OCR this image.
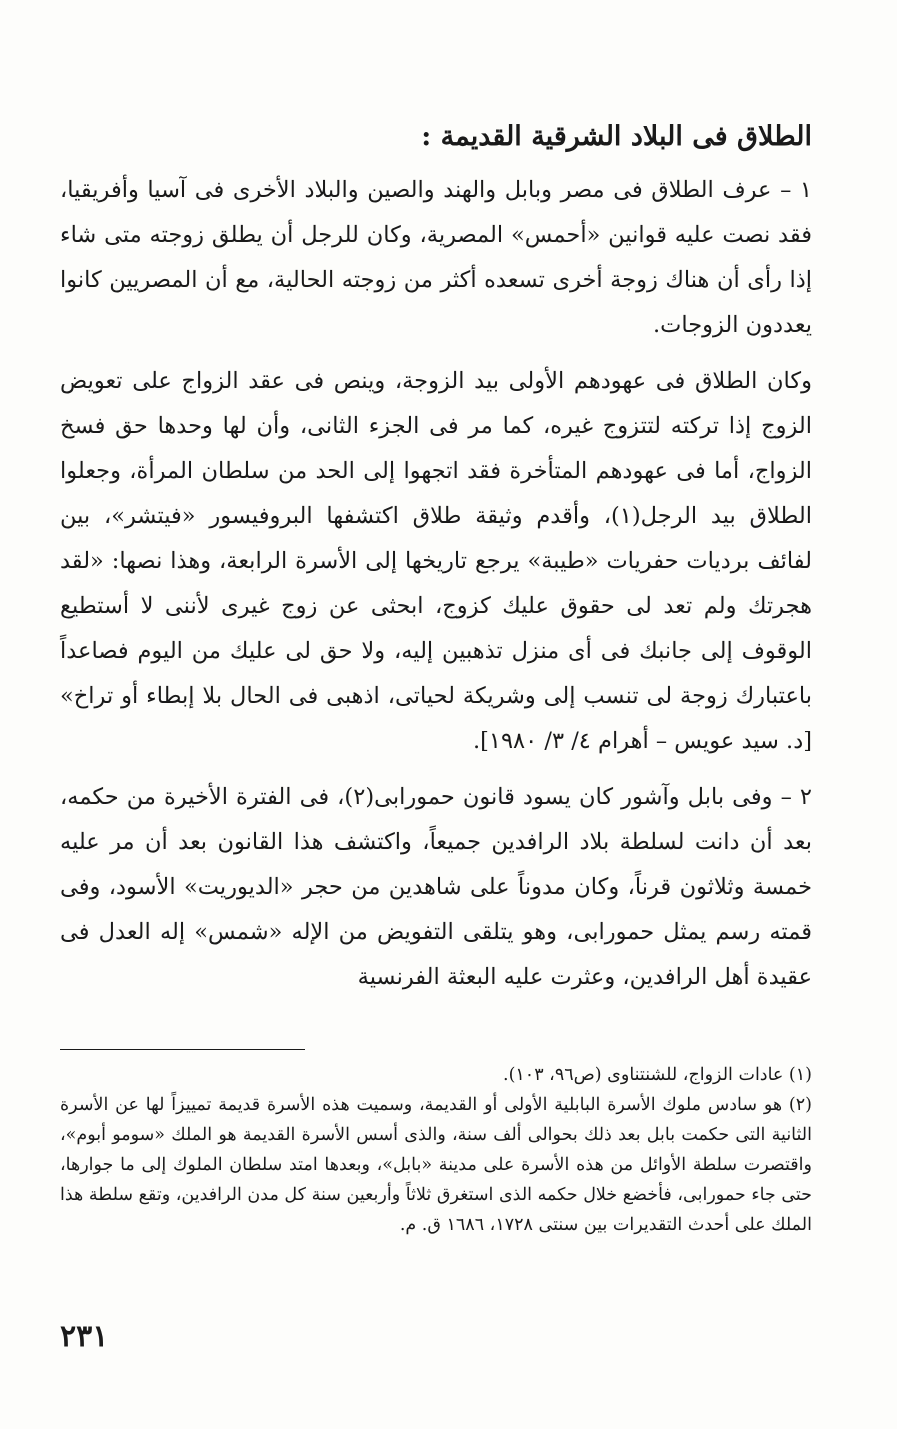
الطلاق فى البلاد الشرقية القديمة :

١ – عرف الطلاق فى مصر وبابل والهند والصين والبلاد الأخرى فى آسيا وأفريقيا، فقد نصت عليه قوانين «أحمس» المصرية، وكان للرجل أن يطلق زوجته متى شاء إذا رأى أن هناك زوجة أخرى تسعده أكثر من زوجته الحالية، مع أن المصريين كانوا يعددون الزوجات.

وكان الطلاق فى عهودهم الأولى بيد الزوجة، وينص فى عقد الزواج على تعويض الزوج إذا تركته لتتزوج غيره، كما مر فى الجزء الثانى، وأن لها وحدها حق فسخ الزواج، أما فى عهودهم المتأخرة فقد اتجهوا إلى الحد من سلطان المرأة، وجعلوا الطلاق بيد الرجل(١)، وأقدم وثيقة طلاق اكتشفها البروفيسور «فيتشر»، بين لفائف برديات حفريات «طيبة» يرجع تاريخها إلى الأسرة الرابعة، وهذا نصها: «لقد هجرتك ولم تعد لى حقوق عليك كزوج، ابحثى عن زوج غيرى لأننى لا أستطيع الوقوف إلى جانبك فى أى منزل تذهبين إليه، ولا حق لى عليك من اليوم فصاعداً باعتبارك زوجة لى تنسب إلى وشريكة لحياتى، اذهبى فى الحال بلا إبطاء أو تراخ» [د. سيد عويس – أهرام ٤/ ٣/ ١٩٨٠].

٢ – وفى بابل وآشور كان يسود قانون حمورابى(٢)، فى الفترة الأخيرة من حكمه، بعد أن دانت لسلطة بلاد الرافدين جميعاً، واكتشف هذا القانون بعد أن مر عليه خمسة وثلاثون قرناً، وكان مدوناً على شاهدين من حجر «الديوريت» الأسود، وفى قمته رسم يمثل حمورابى، وهو يتلقى التفويض من الإله «شمس» إله العدل فى عقيدة أهل الرافدين، وعثرت عليه البعثة الفرنسية

(١) عادات الزواج، للشنتناوى (ص٩٦، ١٠٣).

(٢) هو سادس ملوك الأسرة البابلية الأولى أو القديمة، وسميت هذه الأسرة قديمة تمييزاً لها عن الأسرة الثانية التى حكمت بابل بعد ذلك بحوالى ألف سنة، والذى أسس الأسرة القديمة هو الملك «سومو أبوم»، واقتصرت سلطة الأوائل من هذه الأسرة على مدينة «بابل»، وبعدها امتد سلطان الملوك إلى ما جوارها، حتى جاء حمورابى، فأخضع خلال حكمه الذى استغرق ثلاثاً وأربعين سنة كل مدن الرافدين، وتقع سلطة هذا الملك على أحدث التقديرات بين سنتى ١٧٢٨، ١٦٨٦ ق. م.

٢٣١
